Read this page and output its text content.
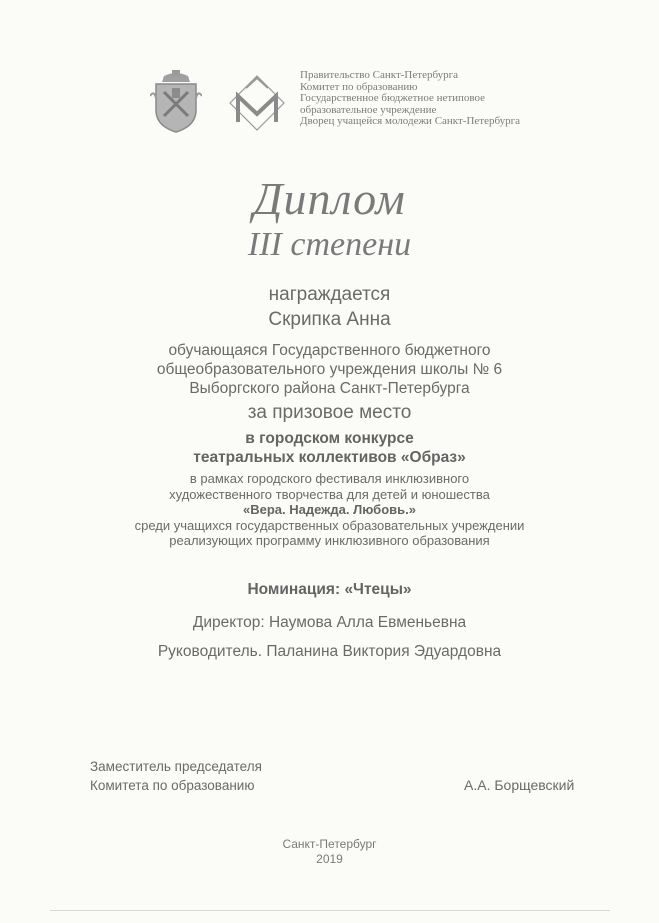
Правительство Санкт-Петербурга
Комитет по образованию
Государственное бюджетное нетиповое
образовательное учреждение
Дворец учащейся молодежи Санкт-Петербурга
Диплом
III степени
награждается
Скрипка Анна
обучающаяся Государственного бюджетного
общеобразовательного учреждения школы № 6
Выборгского района Санкт-Петербурга
за призовое место
в городском конкурсе
театральных коллективов «Образ»
в рамках городского фестиваля инклюзивного
художественного творчества для детей и юношества
«Вера. Надежда. Любовь.»
среди учащихся государственных образовательных учреждении
реализующих программу инклюзивного образования
Номинация: «Чтецы»
Директор: Наумова Алла Евменьевна
Руководитель. Паланина Виктория Эдуардовна
Заместитель председателя
Комитета по образованию	А.А. Борщевский
Санкт-Петербург
2019
